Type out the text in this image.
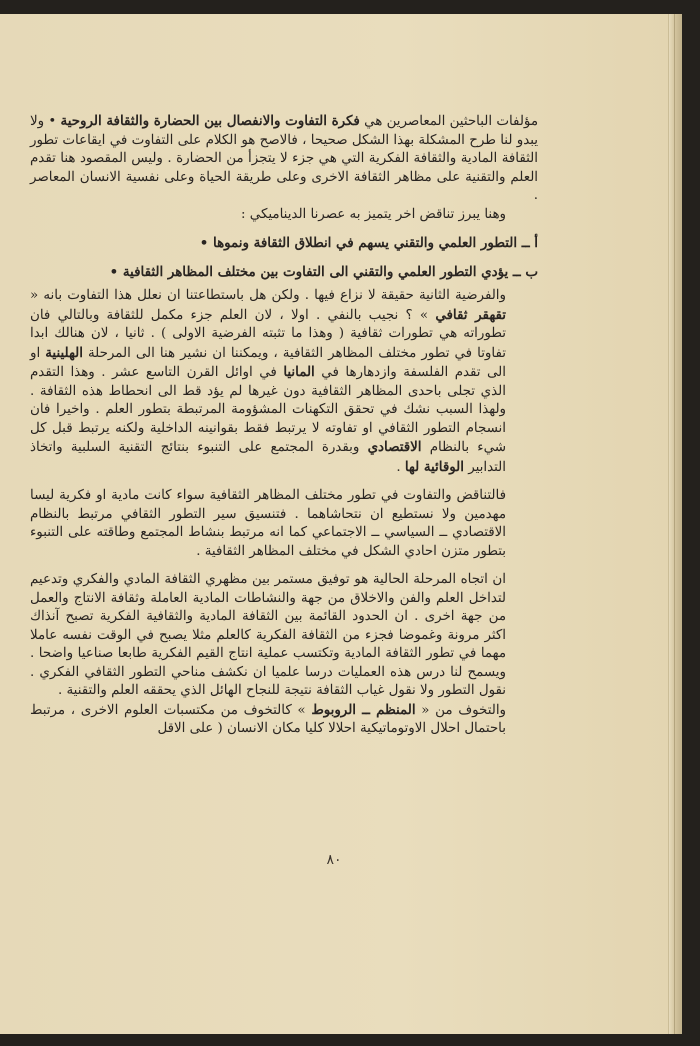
مؤلفات الباحثين المعاصرين هي فكرة التفاوت والانفصال بين الحضارة والثقافة الروحية • ولا يبدو لنا طرح المشكلة بهذا الشكل صحيحا ، فالاصح هو الكلام على التفاوت في ايقاعات تطور الثقافة المادية والثقافة الفكرية التي هي جزء لا يتجزأ من الحضارة . وليس المقصود هنا تقدم العلم والتقنية على مظاهر الثقافة الاخرى وعلى طريقة الحياة وعلى نفسية الانسان المعاصر .

وهنا يبرز تناقض اخر يتميز به عصرنا الديناميكي :

أ ــ التطور العلمي والتقني يسهم في انطلاق الثقافة ونموها •

ب ــ يؤدي التطور العلمي والتقني الى التفاوت بين مختلف المظاهر الثقافية •

والفرضية الثانية حقيقة لا نزاع فيها . ولكن هل باستطاعتنا ان نعلل هذا التفاوت بانه « تقهقر ثقافي » ؟ نجيب بالنفي . اولا ، لان العلم جزء مكمل للثقافة وبالتالي فان تطوراته هي تطورات ثقافية ( وهذا ما تثبته الفرضية الاولى ) . ثانيا ، لان هنالك ابدا تفاوتا في تطور مختلف المظاهر الثقافية ، ويمكننا ان نشير هنا الى المرحلة الهلينية او الى تقدم الفلسفة وازدهارها في المانيا في اوائل القرن التاسع عشر . وهذا التقدم الذي تجلى باحدى المظاهر الثقافية دون غيرها لم يؤد قط الى انحطاط هذه الثقافة . ولهذا السبب نشك في تحقق التكهنات المشؤومة المرتبطة بتطور العلم . واخيرا فان انسجام التطور الثقافي او تفاوته لا يرتبط فقط بقوانينه الداخلية ولكنه يرتبط قبل كل شيء بالنظام الاقتصادي وبقدرة المجتمع على التنبوء بنتائج التقنية السلبية واتخاذ التدابير الوقائية لها .

فالتناقض والتفاوت في تطور مختلف المظاهر الثقافية سواء كانت مادية او فكرية ليسا مهدمين ولا نستطيع ان نتحاشاهما . فتنسيق سير التطور الثقافي مرتبط بالنظام الاقتصادي ــ السياسي ــ الاجتماعي كما انه مرتبط بنشاط المجتمع وطاقته على التنبوء بتطور متزن احادي الشكل في مختلف المظاهر الثقافية .

ان اتجاه المرحلة الحالية هو توفيق مستمر بين مظهري الثقافة المادي والفكري وتدعيم لتداخل العلم والفن والاخلاق من جهة والنشاطات المادية العاملة وثقافة الانتاج والعمل من جهة اخرى . ان الحدود القائمة بين الثقافة المادية والثقافية الفكرية تصبح آنذاك اكثر مرونة وغموضا فجزء من الثقافة الفكرية كالعلم مثلا يصبح في الوقت نفسه عاملا مهما في تطور الثقافة المادية وتكتسب عملية انتاج القيم الفكرية طابعا صناعيا واضحا . ويسمح لنا درس هذه العمليات درسا علميا ان نكشف مناحي التطور الثقافي الفكري . نقول التطور ولا نقول غياب الثقافة نتيجة للنجاح الهائل الذي يحققه العلم والتقنية .

والتخوف من « المنظم ــ الروبوط » كالتخوف من مكتسبات العلوم الاخرى ، مرتبط باحتمال احلال الاوتوماتيكية احلالا كليا مكان الانسان ( على الاقل

٨٠
